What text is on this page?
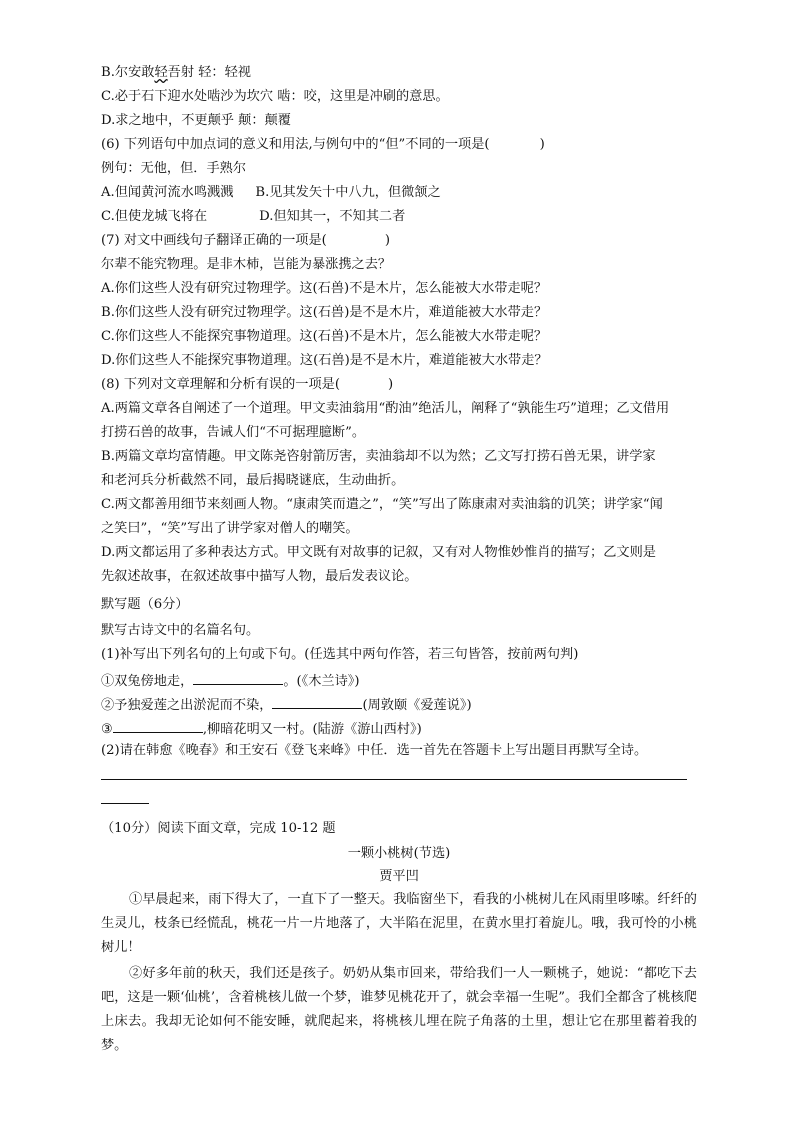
B.尔安敢轻吾射 轻：轻视
C.必于石下迎水处啮沙为坎穴 啮：咬，这里是冲刷的意思。
D.求之地中，不更颠乎 颠：颠覆
(6) 下列语句中加点词的意义和用法,与例句中的“但”不同的一项是(	)
例句：无他，但．手熟尔
A.但闻黄河流水鸣溅溅 B.见其发矢十中八九，但微颔之
C.但使龙城飞将在	D.但知其一，不知其二者
(7) 对文中画线句子翻译正确的一项是(	)
尔辈不能究物理。是非木杮，岂能为暴涨携之去？
A.你们这些人没有研究过物理学。这(石兽)不是木片，怎么能被大水带走呢？
B.你们这些人没有研究过物理学。这(石兽)是不是木片，难道能被大水带走？
C.你们这些人不能探究事物道理。这(石兽)不是木片，怎么能被大水带走呢？
D.你们这些人不能探究事物道理。这(石兽)是不是木片，难道能被大水带走？
(8) 下列对文章理解和分析有误的一项是(	)
A.两篇文章各自阐述了一个道理。甲文卖油翁用“酌油”绝活儿，阐释了“孰能生巧”道理；乙文借用
打捞石兽的故事，告诫人们“不可据理臆断”。
B.两篇文章均富情趣。甲文陈尧咨射箭厉害，卖油翁却不以为然；乙文写打捞石兽无果，讲学家
和老河兵分析截然不同，最后揭晓谜底，生动曲折。
C.两文都善用细节来刻画人物。“康肃笑而遣之”，“笑”写出了陈康肃对卖油翁的讥笑；讲学家“闻
之笑曰”，“笑”写出了讲学家对僧人的嘲笑。
D.两文都运用了多种表达方式。甲文既有对故事的记叙，又有对人物惟妙惟肖的描写；乙文则是
先叙述故事，在叙述故事中描写人物，最后发表议论。
默写题（6分）
默写古诗文中的名篇名句。
(1)补写出下列名句的上句或下句。(任选其中两句作答，若三句皆答，按前两句判)
①双兔傍地走，	。(《木兰诗》)
②予独爱莲之出淤泥而不染，	(周敦颐《爱莲说》)
③	,柳暗花明又一村。(陆游《游山西村》)
(2)请在韩愈《晚春》和王安石《登飞来峰》中任．选一首先在答题卡上写出题目再默写全诗。
（10分）阅读下面文章，完成 10-12 题
一颗小桃树(节选)
贾平凹
①早晨起来，雨下得大了，一直下了一整天。我临窗坐下，看我的小桃树儿在风雨里哆嗦。纤纤的生灵儿，枝条已经慌乱，桃花一片一片地落了，大半陷在泥里，在黄水里打着旋儿。哦，我可怜的小桃树儿！
②好多年前的秋天，我们还是孩子。奶奶从集市回来，带给我们一人一颗桃子，她说：“都吃下去吧，这是一颗‘仙桃’，含着桃核儿做一个梦，谁梦见桃花开了，就会幸福一生呢”。我们全都含了桃核爬上床去。我却无论如何不能安睡，就爬起来，将桃核儿埋在院子角落的土里，想让它在那里蓄着我的梦。
